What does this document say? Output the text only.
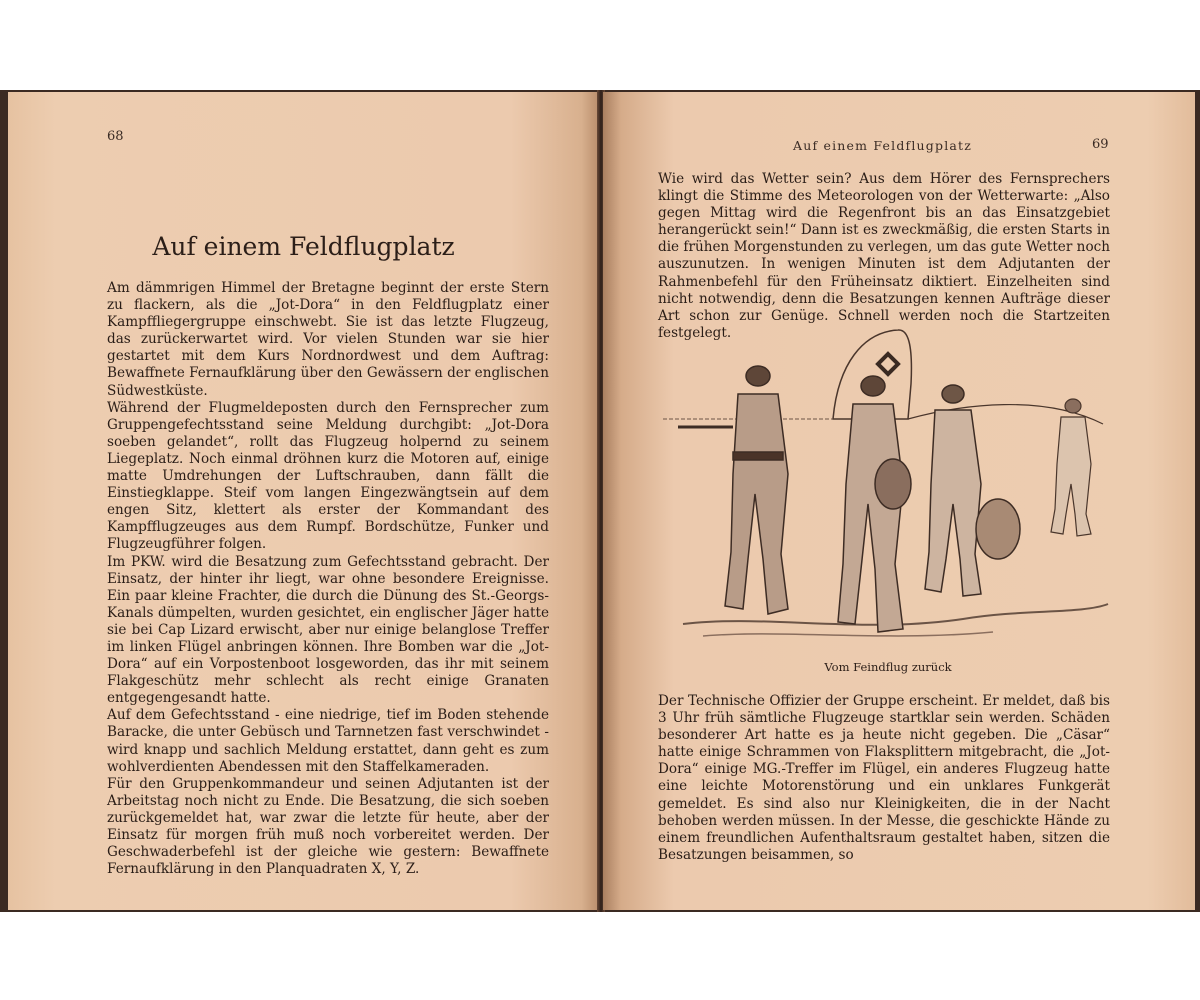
68
Auf einem Feldflugplatz

Am dämmrigen Himmel der Bretagne beginnt der erste Stern zu flackern, als die „Jot-Dora“ in den Feldflugplatz einer Kampffliegergruppe einschwebt. Sie ist das letzte Flugzeug, das zurückerwartet wird. Vor vielen Stunden war sie hier gestartet mit dem Kurs Nordnordwest und dem Auftrag: Bewaffnete Fernaufklärung über den Gewässern der englischen Südwestküste.

Während der Flugmeldeposten durch den Fernsprecher zum Gruppengefechtsstand seine Meldung durchgibt: „Jot-Dora soeben gelandet“, rollt das Flugzeug holpernd zu seinem Liegeplatz. Noch einmal dröhnen kurz die Motoren auf, einige matte Umdrehungen der Luftschrauben, dann fällt die Einstiegklappe. Steif vom langen Eingezwängtsein auf dem engen Sitz, klettert als erster der Kommandant des Kampfflugzeuges aus dem Rumpf. Bordschütze, Funker und Flugzeugführer folgen.

Im PKW. wird die Besatzung zum Gefechtsstand gebracht. Der Einsatz, der hinter ihr liegt, war ohne besondere Ereignisse. Ein paar kleine Frachter, die durch die Dünung des St.-Georgs-Kanals dümpelten, wurden gesichtet, ein englischer Jäger hatte sie bei Cap Lizard erwischt, aber nur einige belanglose Treffer im linken Flügel anbringen können. Ihre Bomben war die „Jot-Dora“ auf ein Vorpostenboot losgeworden, das ihr mit seinem Flakgeschütz mehr schlecht als recht einige Granaten entgegengesandt hatte.

Auf dem Gefechtsstand - eine niedrige, tief im Boden stehende Baracke, die unter Gebüsch und Tarnnetzen fast verschwindet - wird knapp und sachlich Meldung erstattet, dann geht es zum wohlverdienten Abendessen mit den Staffelkameraden.

Für den Gruppenkommandeur und seinen Adjutanten ist der Arbeitstag noch nicht zu Ende. Die Besatzung, die sich soeben zurückgemeldet hat, war zwar die letzte für heute, aber der Einsatz für morgen früh muß noch vorbereitet werden. Der Geschwaderbefehl ist der gleiche wie gestern: Bewaffnete Fernaufklärung in den Planquadraten X, Y, Z.

Auf einem Feldflugplatz	69

Wie wird das Wetter sein? Aus dem Hörer des Fernsprechers klingt die Stimme des Meteorologen von der Wetterwarte: „Also gegen Mittag wird die Regenfront bis an das Einsatzgebiet herangerückt sein!“ Dann ist es zweckmäßig, die ersten Starts in die frühen Morgenstunden zu verlegen, um das gute Wetter noch auszunutzen. In wenigen Minuten ist dem Adjutanten der Rahmenbefehl für den Früheinsatz diktiert. Einzelheiten sind nicht notwendig, denn die Besatzungen kennen Aufträge dieser Art schon zur Genüge. Schnell werden noch die Startzeiten festgelegt.

Vom Feindflug zurück

Der Technische Offizier der Gruppe erscheint. Er meldet, daß bis 3 Uhr früh sämtliche Flugzeuge startklar sein werden. Schäden besonderer Art hatte es ja heute nicht gegeben. Die „Cäsar“ hatte einige Schrammen von Flaksplittern mitgebracht, die „Jot-Dora“ einige MG.-Treffer im Flügel, ein anderes Flugzeug hatte eine leichte Motorenstörung und ein unklares Funkgerät gemeldet. Es sind also nur Kleinigkeiten, die in der Nacht behoben werden müssen. In der Messe, die geschickte Hände zu einem freundlichen Aufenthaltsraum gestaltet haben, sitzen die Besatzungen beisammen, so
